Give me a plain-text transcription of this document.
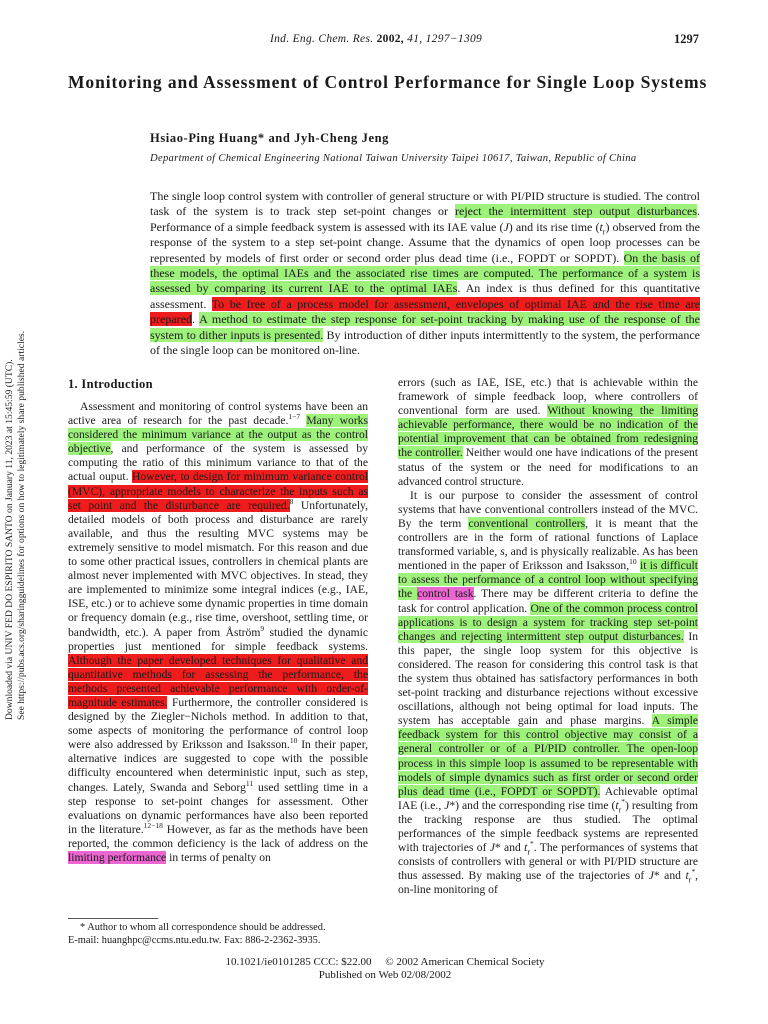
Ind. Eng. Chem. Res. 2002, 41, 1297−1309	1297
Monitoring and Assessment of Control Performance for Single Loop Systems
Hsiao-Ping Huang* and Jyh-Cheng Jeng
Department of Chemical Engineering National Taiwan University Taipei 10617, Taiwan, Republic of China
The single loop control system with controller of general structure or with PI/PID structure is studied. The control task of the system is to track step set-point changes or reject the intermittent step output disturbances. Performance of a simple feedback system is assessed with its IAE value (J) and its rise time $(t_r)$ observed from the response of the system to a step set-point change. Assume that the dynamics of open loop processes can be represented by models of first order or second order plus dead time (i.e., FOPDT or SOPDT). On the basis of these models, the optimal IAEs and the associated rise times are computed. The performance of a system is assessed by comparing its current IAE to the optimal IAEs. An index is thus defined for this quantitative assessment. To be free of a process model for assessment, envelopes of optimal IAE and the rise time are prepared. A method to estimate the step response for set-point tracking by making use of the response of the system to dither inputs is presented. By introduction of dither inputs intermittently to the system, the performance of the single loop can be monitored on-line.
Downloaded via UNIV FED DO ESPIRITO SANTO on January 11, 2023 at 15:45:59 (UTC). See https://pubs.acs.org/sharingguidelines for options on how to legitimately share published articles.	1. Introduction

Assessment and monitoring of control systems have been an active area of research for the past decade.$^{1-7}$ Many works considered the minimum variance at the output as the control objective, and performance of the system is assessed by computing the ratio of this minimum variance to that of the actual ouput. However, to design for minimum variance control (MVC), appropriate models to characterize the inputs such as set point and the disturbance are required.$^8$ Unfortunately, detailed models of both process and disturbance are rarely available, and thus the resulting MVC systems may be extremely sensitive to model mismatch. For this reason and due to some other practical issues, controllers in chemical plants are almost never implemented with MVC objectives. In stead, they are implemented to minimize some integral indices (e.g., IAE, ISE, etc.) or to achieve some dynamic properties in time domain or frequency domain (e.g., rise time, overshoot, settling time, or bandwidth, etc.). A paper from Åström$^9$ studied the dynamic properties just mentioned for simple feedback systems. Although the paper developed techniques for qualitative and quantitative methods for assessing the performance, the methods presented achievable performance with order-of-magnitude estimates. Furthermore, the controller considered is designed by the Ziegler−Nichols method. In addition to that, some aspects of monitoring the performance of control loop were also addressed by Eriksson and Isaksson.$^{10}$ In their paper, alternative indices are suggested to cope with the possible difficulty encountered when deterministic input, such as step, changes. Lately, Swanda and Seborg$^{11}$ used settling time in a step response to set-point changes for assessment. Other evaluations on dynamic performances have also been reported in the literature.$^{12-18}$ However, as far as the methods have been reported, the common deficiency is the lack of address on the limiting performance in terms of penalty on

errors (such as IAE, ISE, etc.) that is achievable within the framework of simple feedback loop, where controllers of conventional form are used. Without knowing the limiting achievable performance, there would be no indication of the potential improvement that can be obtained from redesigning the controller. Neither would one have indications of the present status of the system or the need for modifications to an advanced control structure.

It is our purpose to consider the assessment of control systems that have conventional controllers instead of the MVC. By the term conventional controllers, it is meant that the controllers are in the form of rational functions of Laplace transformed variable, s, and is physically realizable. As has been mentioned in the paper of Eriksson and Isaksson,$^{10}$ it is difficult to assess the performance of a control loop without specifying the control task. There may be different criteria to define the task for control application. One of the common process control applications is to design a system for tracking step set-point changes and rejecting intermittent step output disturbances. In this paper, the single loop system for this objective is considered. The reason for considering this control task is that the system thus obtained has satisfactory performances in both set-point tracking and disturbance rejections without excessive oscillations, although not being optimal for load inputs. The system has acceptable gain and phase margins. A simple feedback system for this control objective may consist of a general controller or of a PI/PID controller. The open-loop process in this simple loop is assumed to be representable with models of simple dynamics such as first order or second order plus dead time (i.e., FOPDT or SOPDT). Achievable optimal IAE (i.e., J*) and the corresponding rise time $(t_r^*)$ resulting from the tracking response are thus studied. The optimal performances of the simple feedback systems are represented with trajectories of J* and $t_r^*$. The performances of systems that consists of controllers with general or with PI/PID structure are thus assessed. By making use of the trajectories of J* and $t_r^*$, on-line monitoring of

* Author to whom all correspondence should be addressed.

E-mail: huanghpc@ccms.ntu.edu.tw. Fax: 886-2-2362-3935.

10.1021/ie0101285 CCC: $22.00     © 2002 American Chemical Society
Published on Web 02/08/2002
